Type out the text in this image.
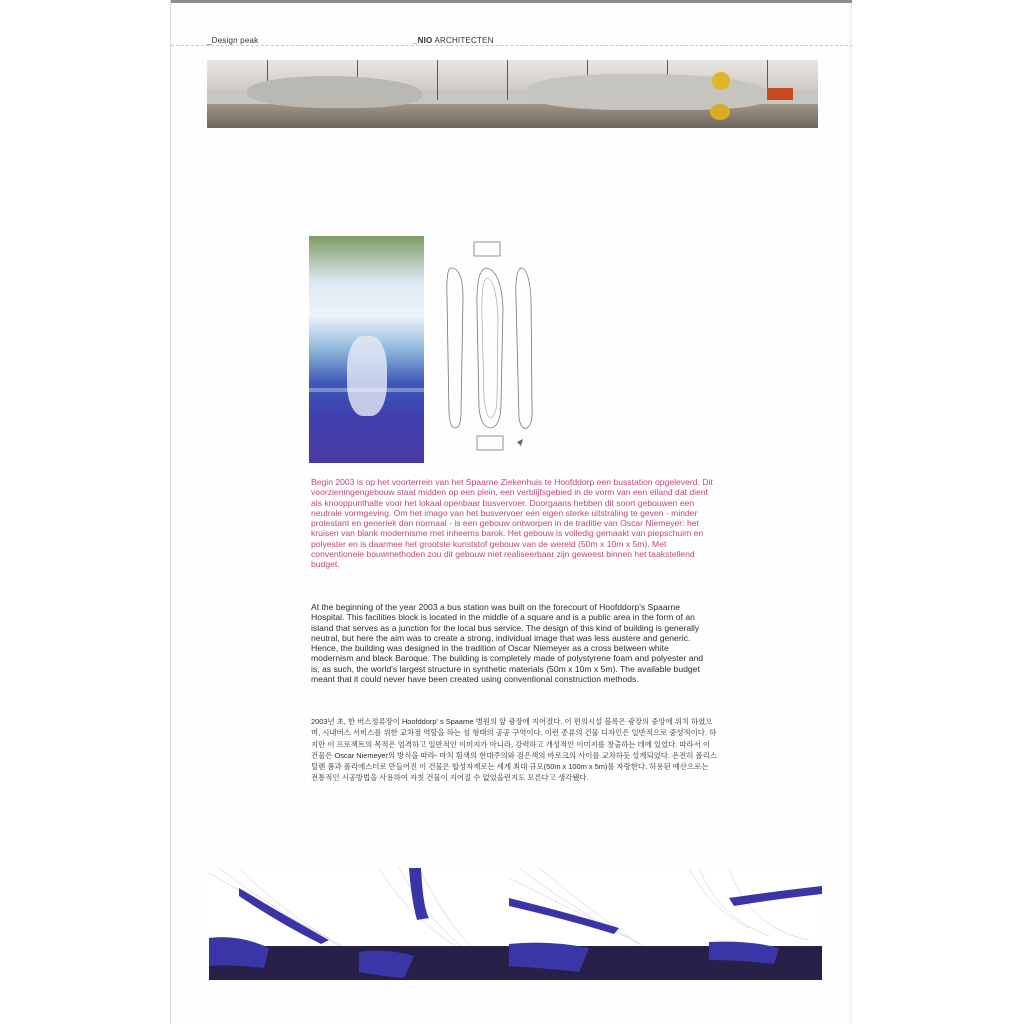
_Design peak	_NIO ARCHITECTEN

Begin 2003 is op het voorterrein van het Spaarne Ziekenhuis te Hoofddorp een busstation opgeleverd. Dit voorzieningengebouw staat midden op een plein, een verblijfsgebied in de vorm van een eiland dat dient als knooppunthalte voor het lokaal openbaar busvervoer. Doorgaans hebben dit soort gebouwen een neutrale vormgeving. Om het imago van het busvervoer een eigen sterke uitstraling te geven - minder protestant en generiek dan normaal - is een gebouw ontworpen in de traditie van Oscar Niemeyer: het kruisen van blank modernisme met inheems barok. Het gebouw is volledig gemaakt van piepschuim en polyester en is daarmee het grootste kunststof gebouw van de wereld (50m x 10m x 5m). Met conventionele bouwmethoden zou dit gebouw niet realiseerbaar zijn geweest binnen het taakstellend budget.

At the beginning of the year 2003 a bus station was built on the forecourt of Hoofddorp's Spaarne Hospital. This facilities block is located in the middle of a square and is a public area in the form of an island that serves as a junction for the local bus service. The design of this kind of building is generally neutral, but here the aim was to create a strong, individual image that was less austere and generic. Hence, the building was designed in the tradition of Oscar Niemeyer as a cross between white modernism and black Baroque. The building is completely made of polystyrene foam and polyester and is, as such, the world's largest structure in synthetic materials (50m x 10m x 5m). The available budget meant that it could never have been created using conventional construction methods.

2003년 초, 한 버스정류장이 Hoofddorp' s Spaarne 병원의 앞 광장에 지어졌다. 이 편의시설 블록은 광장의 중앙에 위치 하였으며, 시내버스 서비스를 위한 교차점 역할을 하는 섬 형태의 공공 구역이다. 이런 종류의 건물 디자인은 일반적으로 중성적이다. 하지만 이 프로젝트의 목적은 엄격하고 일반적인 이미지가 아니라, 강력하고 개성적인 이미지를 창출하는 데에 있었다. 따라서 이 건물은 Oscar Niemeyer의 방식을 따라- 마치 흰색의 현대주의와 검은색의 바로크의 사이를 교차하듯 설계되었다. 온전히 폴리스틸렌 폼과 폴리에스터로 만들어진 이 건물은 합성자재로는 세계 최대 규모(50m x 100m x 5m)를 자랑한다. 허용된 예산으로는 전통적인 시공방법을 사용하여 자칫 건물이 지어질 수 없었을런지도 모른다고 생각됐다.
